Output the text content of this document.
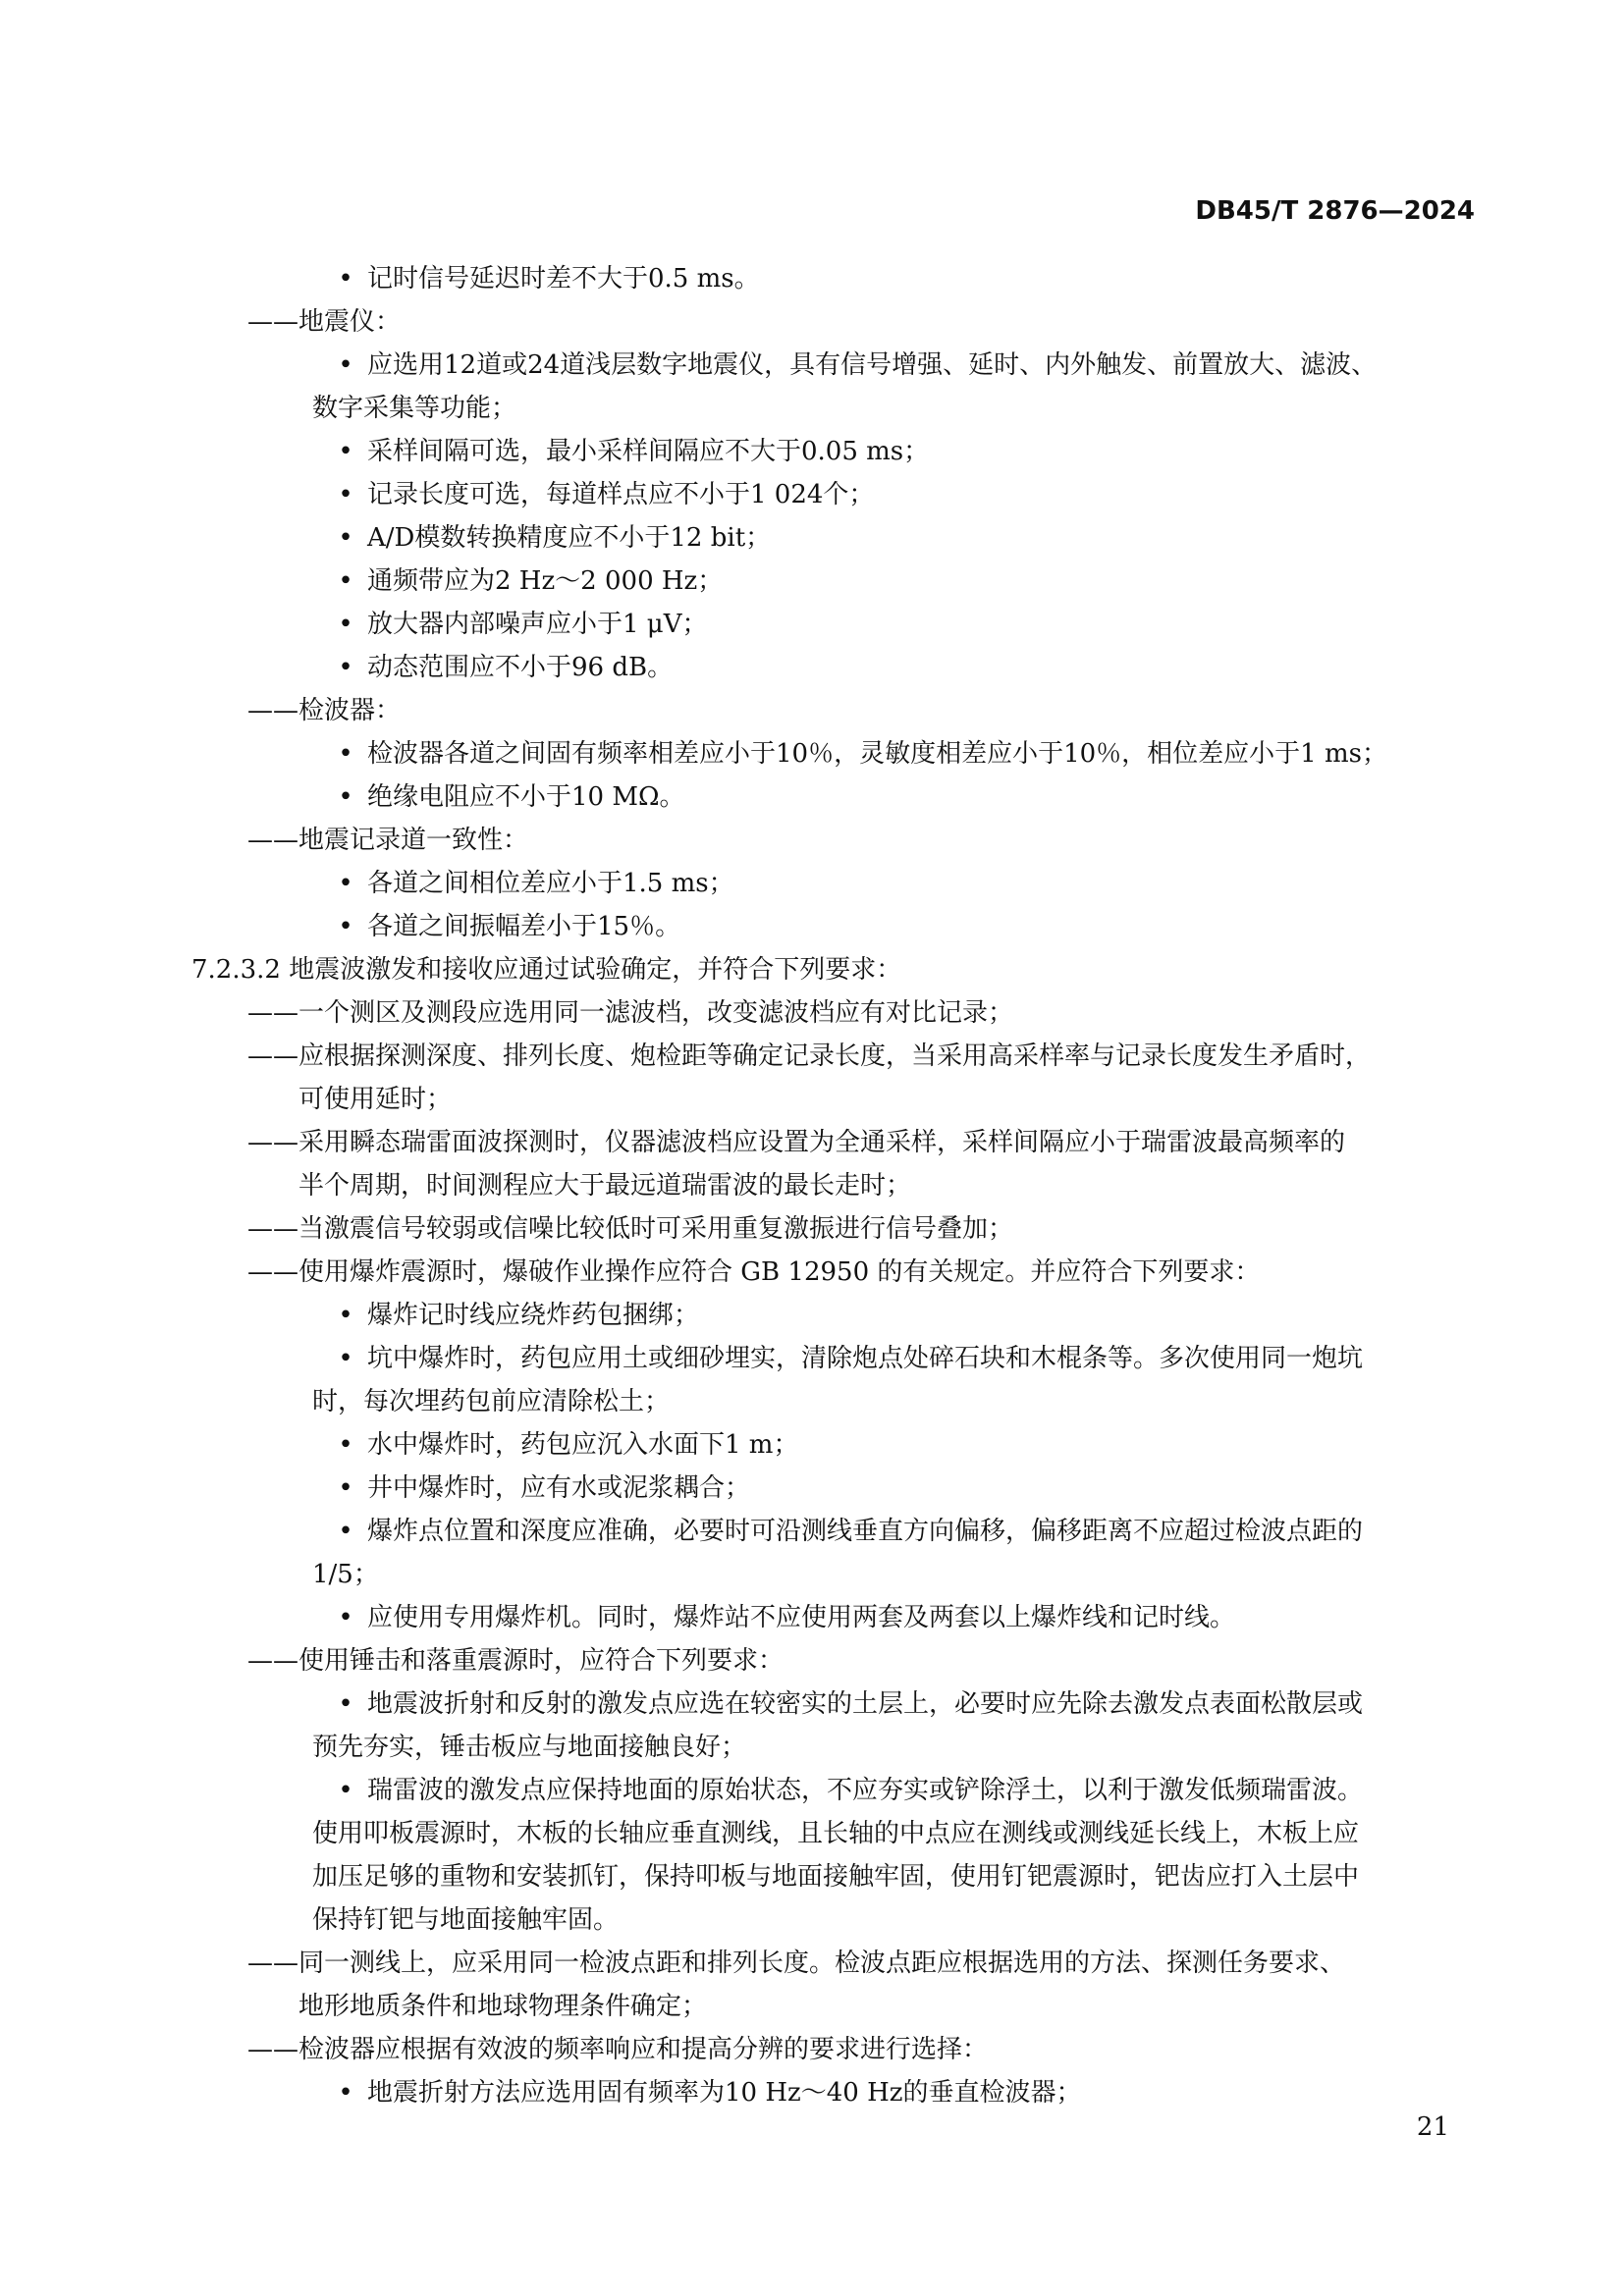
DB45/T 2876—2024
• 记时信号延迟时差不大于0.5 ms。
——地震仪：
• 应选用12道或24道浅层数字地震仪，具有信号增强、延时、内外触发、前置放大、滤波、
数字采集等功能；
• 采样间隔可选，最小采样间隔应不大于0.05 ms；
• 记录长度可选，每道样点应不小于1 024个；
• A/D模数转换精度应不小于12 bit；
• 通频带应为2 Hz～2 000 Hz；
• 放大器内部噪声应小于1 μV；
• 动态范围应不小于96 dB。
——检波器：
• 检波器各道之间固有频率相差应小于10％，灵敏度相差应小于10％，相位差应小于1 ms；
• 绝缘电阻应不小于10 MΩ。
——地震记录道一致性：
• 各道之间相位差应小于1.5 ms；
• 各道之间振幅差小于15％。
7.2.3.2 地震波激发和接收应通过试验确定，并符合下列要求：
——一个测区及测段应选用同一滤波档，改变滤波档应有对比记录；
——应根据探测深度、排列长度、炮检距等确定记录长度，当采用高采样率与记录长度发生矛盾时，
可使用延时；
——采用瞬态瑞雷面波探测时，仪器滤波档应设置为全通采样，采样间隔应小于瑞雷波最高频率的
半个周期，时间测程应大于最远道瑞雷波的最长走时；
——当激震信号较弱或信噪比较低时可采用重复激振进行信号叠加；
——使用爆炸震源时，爆破作业操作应符合 GB 12950 的有关规定。并应符合下列要求：
• 爆炸记时线应绕炸药包捆绑；
• 坑中爆炸时，药包应用土或细砂埋实，清除炮点处碎石块和木棍条等。多次使用同一炮坑
时，每次埋药包前应清除松土；
• 水中爆炸时，药包应沉入水面下1 m；
• 井中爆炸时，应有水或泥浆耦合；
• 爆炸点位置和深度应准确，必要时可沿测线垂直方向偏移，偏移距离不应超过检波点距的
1/5；
• 应使用专用爆炸机。同时，爆炸站不应使用两套及两套以上爆炸线和记时线。
——使用锤击和落重震源时，应符合下列要求：
• 地震波折射和反射的激发点应选在较密实的土层上，必要时应先除去激发点表面松散层或
预先夯实，锤击板应与地面接触良好；
• 瑞雷波的激发点应保持地面的原始状态，不应夯实或铲除浮土，以利于激发低频瑞雷波。
使用叩板震源时，木板的长轴应垂直测线，且长轴的中点应在测线或测线延长线上，木板上应
加压足够的重物和安装抓钉，保持叩板与地面接触牢固，使用钉钯震源时，钯齿应打入土层中
保持钉钯与地面接触牢固。
——同一测线上，应采用同一检波点距和排列长度。检波点距应根据选用的方法、探测任务要求、
地形地质条件和地球物理条件确定；
——检波器应根据有效波的频率响应和提高分辨的要求进行选择：
• 地震折射方法应选用固有频率为10 Hz～40 Hz的垂直检波器；
21
